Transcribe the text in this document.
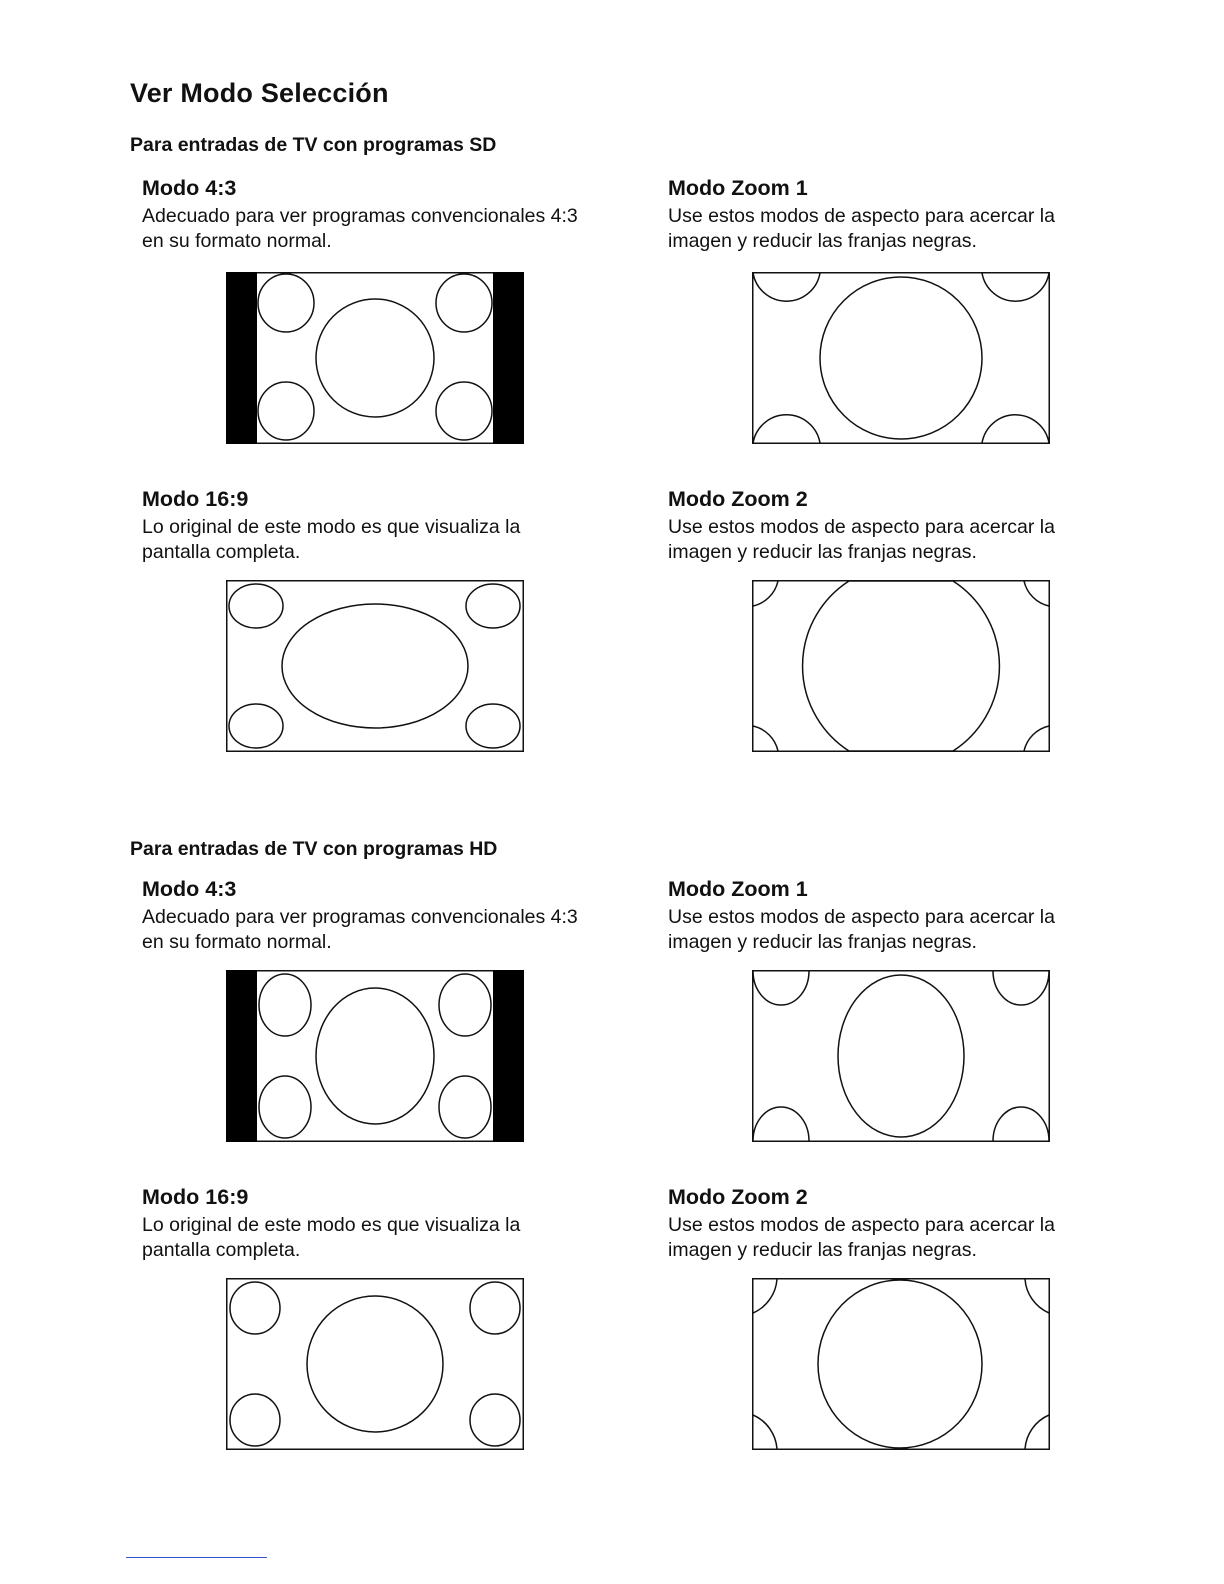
Ver Modo Selección
Para entradas de TV con programas SD
Modo 4:3
Adecuado para ver programas convencionales 4:3
en su formato normal.
Modo Zoom 1
Use estos modos de aspecto para acercar la
imagen y reducir las franjas negras.
Modo 16:9
Lo original de este modo es que visualiza la
pantalla completa.
Modo Zoom 2
Use estos modos de aspecto para acercar la
imagen y reducir las franjas negras.
Para entradas de TV con programas HD
Modo 4:3
Adecuado para ver programas convencionales 4:3
en su formato normal.
Modo Zoom 1
Use estos modos de aspecto para acercar la
imagen y reducir las franjas negras.
Modo 16:9
Lo original de este modo es que visualiza la
pantalla completa.
Modo Zoom 2
Use estos modos de aspecto para acercar la
imagen y reducir las franjas negras.
